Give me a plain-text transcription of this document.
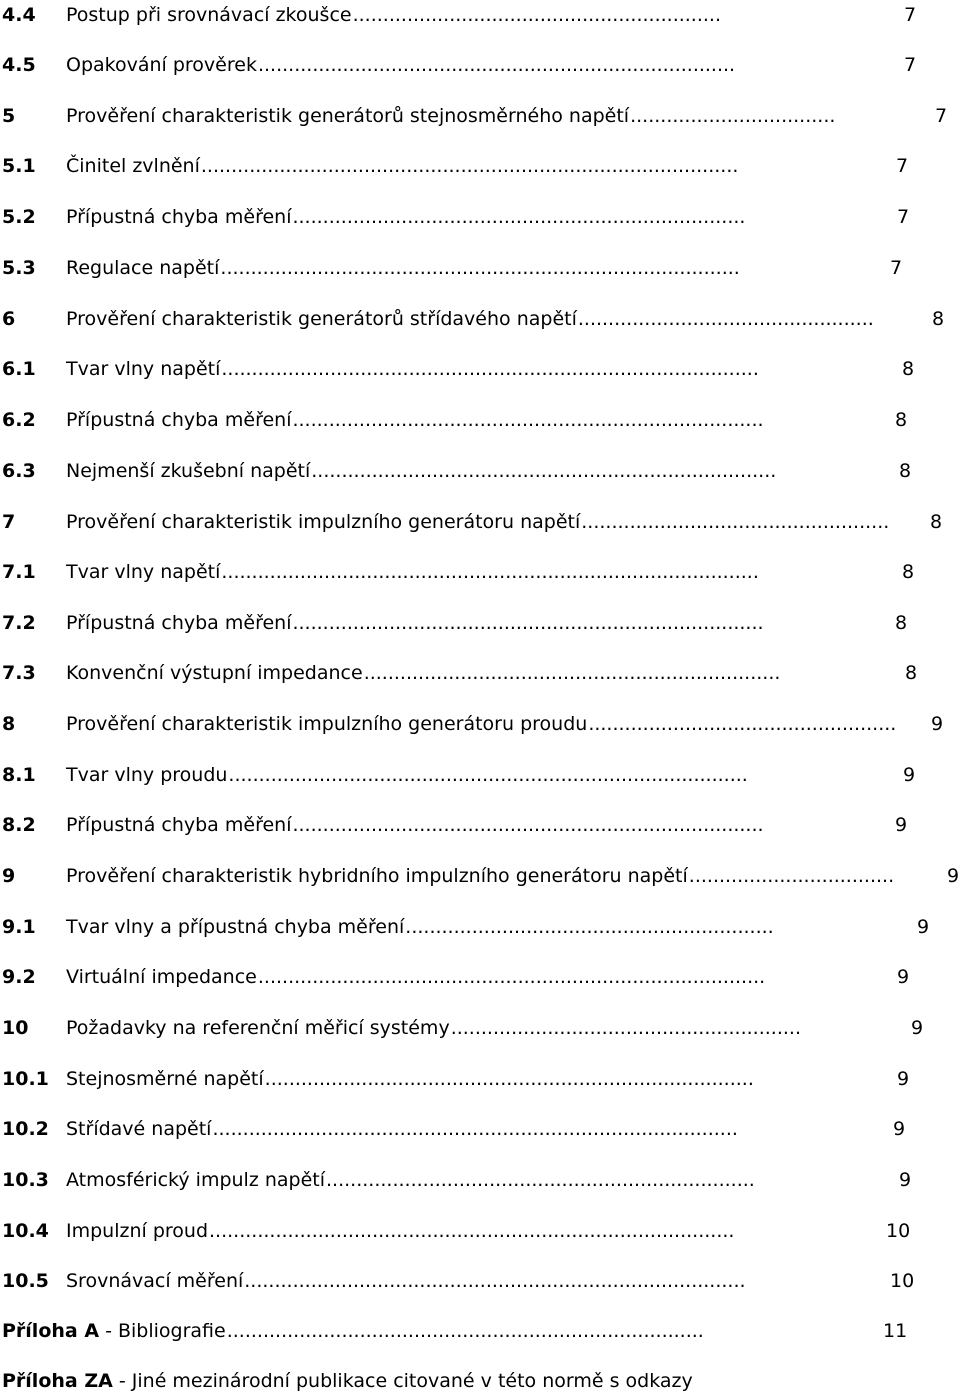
4.4 Postup při srovnávací zkoušce .............................................................	7
4.5 Opakování prověrek ...............................................................................	7
5	Prověření charakteristik generátorů stejnosměrného napětí ..................................	7
5.1 Činitel zvlnění .........................................................................................	7
5.2 Přípustná chyba měření ...........................................................................	7
5.3 Regulace napětí ......................................................................................	7
6	Prověření charakteristik generátorů střídavého napětí .................................................	8
6.1 Tvar vlny napětí .........................................................................................	8
6.2 Přípustná chyba měření ..............................................................................	8
6.3 Nejmenší zkušební napětí .............................................................................	8
7	Prověření charakteristik impulzního generátoru napětí ...................................................	8
7.1 Tvar vlny napětí .........................................................................................	8
7.2 Přípustná chyba měření ..............................................................................	8
7.3 Konvenční výstupní impedance .....................................................................	8
8	Prověření charakteristik impulzního generátoru proudu ...................................................	9
8.1 Tvar vlny proudu ......................................................................................	9
8.2 Přípustná chyba měření ..............................................................................	9
9	Prověření charakteristik hybridního impulzního generátoru napětí ..................................	9
9.1 Tvar vlny a přípustná chyba měření .............................................................	9
9.2 Virtuální impedance ....................................................................................	9
10 Požadavky na referenční měřicí systémy ..........................................................	9
10.1 Stejnosměrné napětí .................................................................................	9
10.2 Střídavé napětí .......................................................................................	9
10.3 Atmosférický impulz napětí .......................................................................	9
10.4 Impulzní proud .......................................................................................	10
10.5 Srovnávací měření ...................................................................................	10
Příloha A - Bibliografie ...............................................................................	11
Příloha ZA - Jiné mezinárodní publikace citované v této normě s odkazy
